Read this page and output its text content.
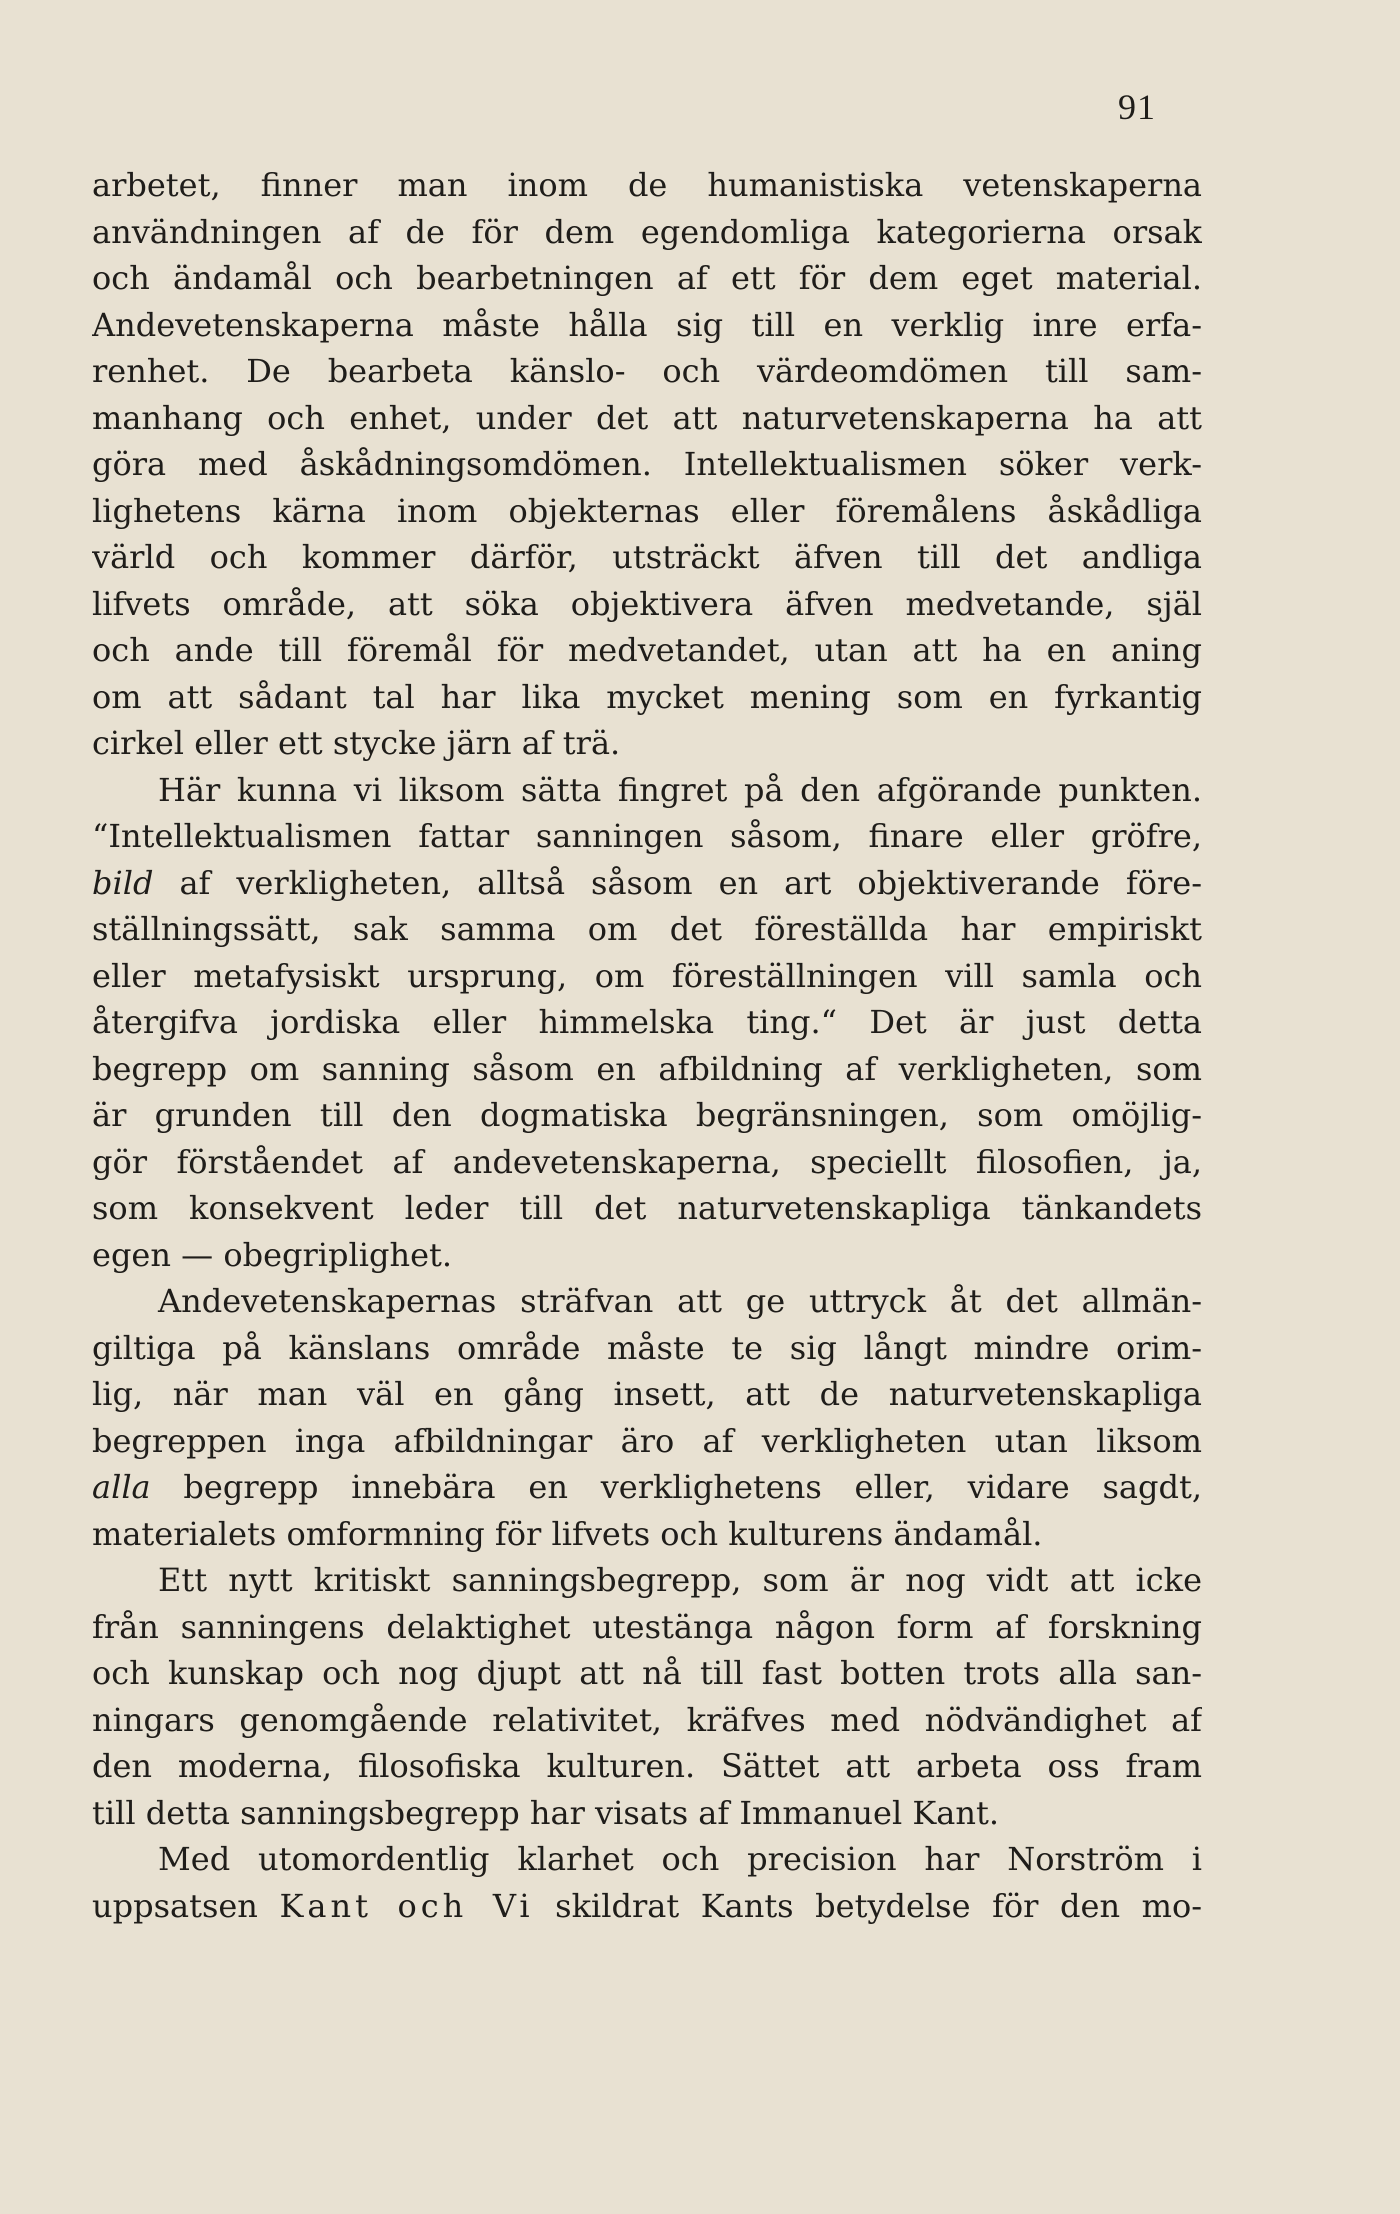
91

arbetet, finner man inom de humanistiska vetenskaperna
användningen af de för dem egendomliga kategorierna orsak
och ändamål och bearbetningen af ett för dem eget material.
Andevetenskaperna måste hålla sig till en verklig inre erfa-
renhet. De bearbeta känslo- och värdeomdömen till sam-
manhang och enhet, under det att naturvetenskaperna ha att
göra med åskådningsomdömen. Intellektualismen söker verk-
lighetens kärna inom objekternas eller föremålens åskådliga
värld och kommer därför, utsträckt äfven till det andliga
lifvets område, att söka objektivera äfven medvetande, själ
och ande till föremål för medvetandet, utan att ha en aning
om att sådant tal har lika mycket mening som en fyrkantig
cirkel eller ett stycke järn af trä.
Här kunna vi liksom sätta fingret på den afgörande punkten.
“Intellektualismen fattar sanningen såsom, finare eller gröfre,
bild af verkligheten, alltså såsom en art objektiverande före-
ställningssätt, sak samma om det föreställda har empiriskt
eller metafysiskt ursprung, om föreställningen vill samla och
återgifva jordiska eller himmelska ting.“ Det är just detta
begrepp om sanning såsom en afbildning af verkligheten, som
är grunden till den dogmatiska begränsningen, som omöjlig-
gör förståendet af andevetenskaperna, speciellt filosofien, ja,
som konsekvent leder till det naturvetenskapliga tänkandets
egen — obegriplighet.
Andevetenskapernas sträfvan att ge uttryck åt det allmän-
giltiga på känslans område måste te sig långt mindre orim-
lig, när man väl en gång insett, att de naturvetenskapliga
begreppen inga afbildningar äro af verkligheten utan liksom
alla begrepp innebära en verklighetens eller, vidare sagdt,
materialets omformning för lifvets och kulturens ändamål.
Ett nytt kritiskt sanningsbegrepp, som är nog vidt att icke
från sanningens delaktighet utestänga någon form af forskning
och kunskap och nog djupt att nå till fast botten trots alla san-
ningars genomgående relativitet, kräfves med nödvändighet af
den moderna, filosofiska kulturen. Sättet att arbeta oss fram
till detta sanningsbegrepp har visats af Immanuel Kant.
Med utomordentlig klarhet och precision har Norström i
uppsatsen Kant och Vi skildrat Kants betydelse för den mo-
